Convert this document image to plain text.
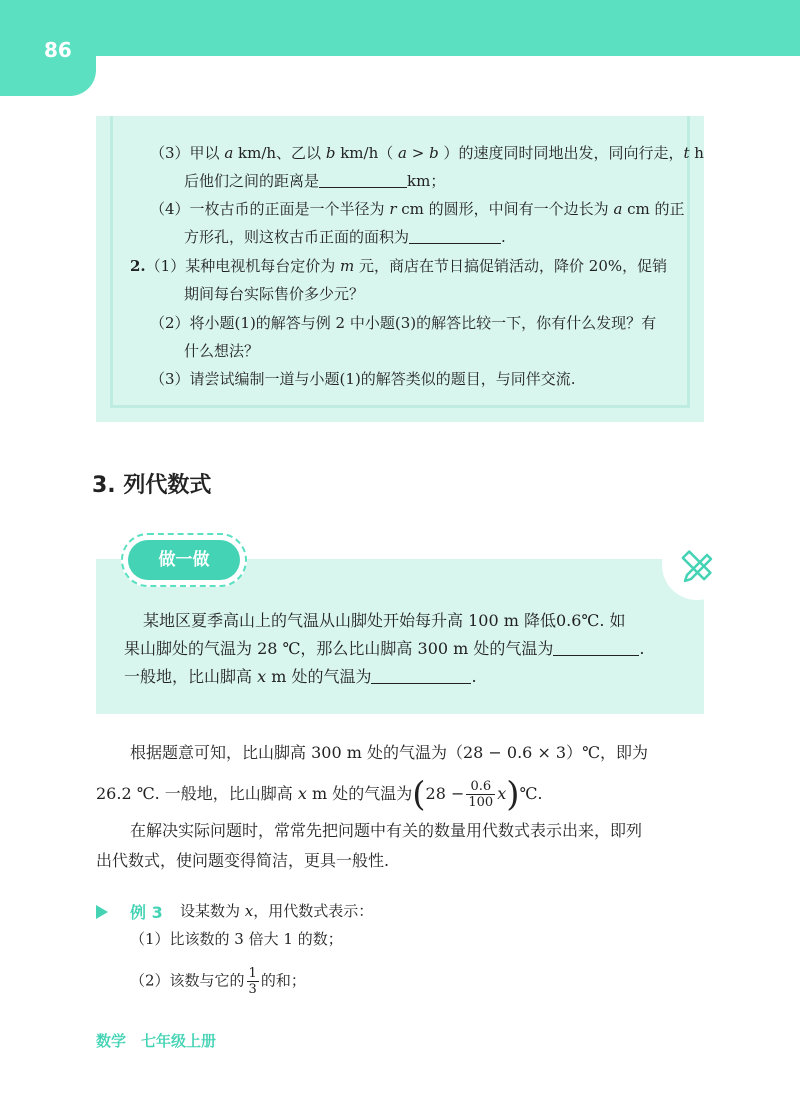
86
（3）甲以 a km/h、乙以 b km/h（ a > b ）的速度同时同地出发，同向行走，t h
后他们之间的距离是	km；
（4）一枚古币的正面是一个半径为 r cm 的圆形，中间有一个边长为 a cm 的正
方形孔，则这枚古币正面的面积为	.
2.（1）某种电视机每台定价为 m 元，商店在节日搞促销活动，降价 20%，促销
期间每台实际售价多少元？
（2）将小题(1)的解答与例 2 中小题(3)的解答比较一下，你有什么发现？有
什么想法？
（3）请尝试编制一道与小题(1)的解答类似的题目，与同伴交流.
3. 列代数式
做一做
某地区夏季高山上的气温从山脚处开始每升高 100 m 降低0.6℃. 如
果山脚处的气温为 28 ℃，那么比山脚高 300 m 处的气温为	.
一般地，比山脚高 x m 处的气温为	.
根据题意可知，比山脚高 300 m 处的气温为（28 − 0.6 × 3）℃，即为
26.2 ℃. 一般地，比山脚高 x m 处的气温为($28 - \frac{0.6}{100}$ x)℃.
在解决实际问题时，常常先把问题中有关的数量用代数式表示出来，即列
出代数式，使问题变得简洁，更具一般性.
例 3 设某数为 x，用代数式表示：
（1）比该数的 3 倍大 1 的数；
（2）该数与它的 $\frac{1}{3}$ 的和；
数学　七年级上册
